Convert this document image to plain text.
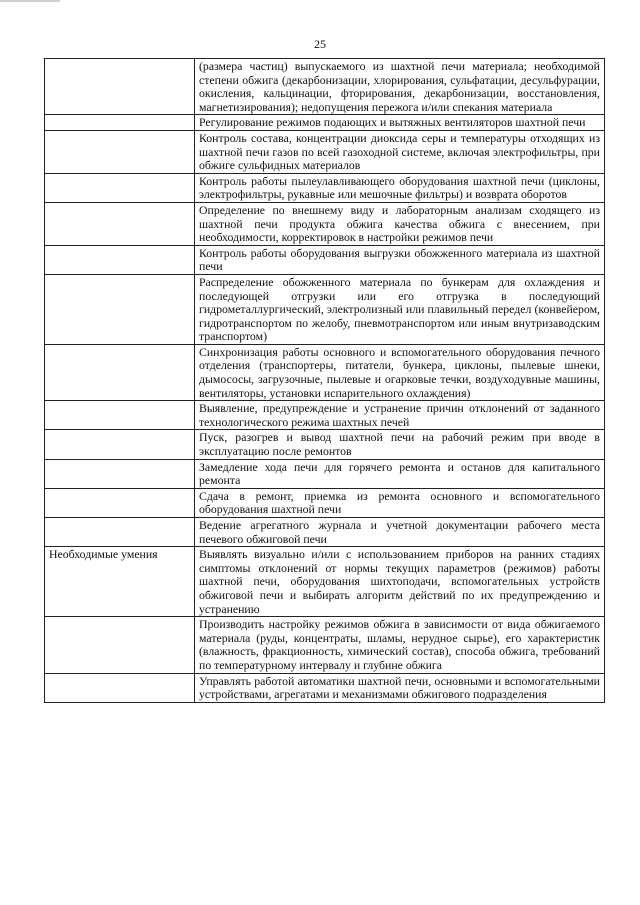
25
	(размера частиц) выпускаемого из шахтной печи материала; необходимой степени обжига (декарбонизации, хлорирования, сульфатации, десульфурации, окисления, кальцинации, фторирования, декарбонизации, восстановления, магнетизирования); недопущения пережога и/или спекания материала
	Регулирование режимов подающих и вытяжных вентиляторов шахтной печи
	Контроль состава, концентрации диоксида серы и температуры отходящих из шахтной печи газов по всей газоходной системе, включая электрофильтры, при обжиге сульфидных материалов
	Контроль работы пылеулавливающего оборудования шахтной печи (циклоны, электрофильтры, рукавные или мешочные фильтры) и возврата оборотов
	Определение по внешнему виду и лабораторным анализам сходящего из шахтной печи продукта обжига качества обжига с внесением, при необходимости, корректировок в настройки режимов печи
	Контроль работы оборудования выгрузки обожженного материала из шахтной печи
	Распределение обожженного материала по бункерам для охлаждения и последующей отгрузки или его отгрузка в последующий гидрометаллургический, электролизный или плавильный передел (конвейером, гидротранспортом по желобу, пневмотранспортом или иным внутризаводским транспортом)
	Синхронизация работы основного и вспомогательного оборудования печного отделения (транспортеры, питатели, бункера, циклоны, пылевые шнеки, дымососы, загрузочные, пылевые и огарковые течки, воздуходувные машины, вентиляторы, установки испарительного охлаждения)
	Выявление, предупреждение и устранение причин отклонений от заданного технологического режима шахтных печей
	Пуск, разогрев и вывод шахтной печи на рабочий режим при вводе в эксплуатацию после ремонтов
	Замедление хода печи для горячего ремонта и останов для капитального ремонта
	Сдача в ремонт, приемка из ремонта основного и вспомогательного оборудования шахтной печи
	Ведение агрегатного журнала и учетной документации рабочего места печевого обжиговой печи
Необходимые умения	Выявлять визуально и/или с использованием приборов на ранних стадиях симптомы отклонений от нормы текущих параметров (режимов) работы шахтной печи, оборудования шихтоподачи, вспомогательных устройств обжиговой печи и выбирать алгоритм действий по их предупреждению и устранению
	Производить настройку режимов обжига в зависимости от вида обжигаемого материала (руды, концентраты, шламы, нерудное сырье), его характеристик (влажность, фракционность, химический состав), способа обжига, требований по температурному интервалу и глубине обжига
	Управлять работой автоматики шахтной печи, основными и вспомогательными устройствами, агрегатами и механизмами обжигового подразделения
